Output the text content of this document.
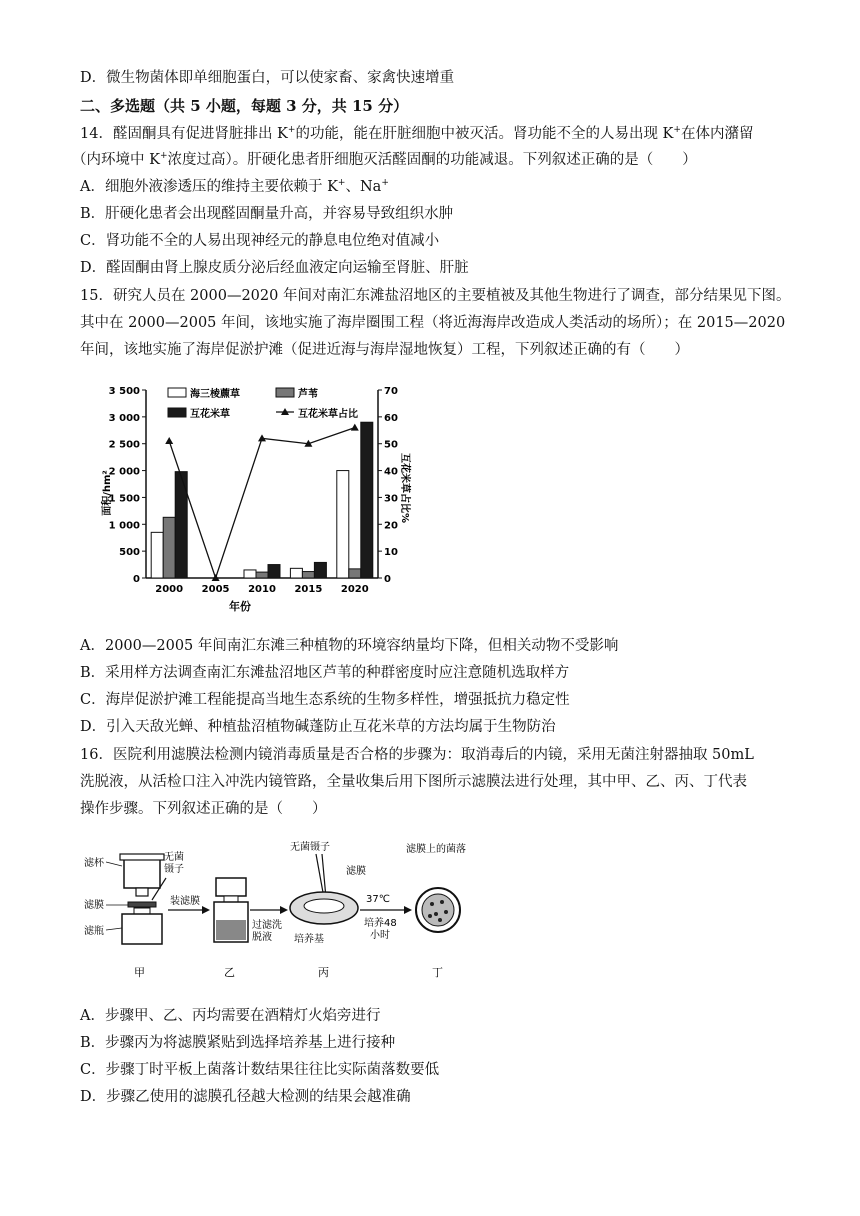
D．微生物菌体即单细胞蛋白，可以使家畜、家禽快速增重
二、多选题（共 5 小题，每题 3 分，共 15 分）
14．醛固酮具有促进肾脏排出 K+的功能，能在肝脏细胞中被灭活。肾功能不全的人易出现 K+在体内潴留
（内环境中 K+浓度过高）。肝硬化患者肝细胞灭活醛固酮的功能减退。下列叙述正确的是（　　）
A．细胞外液渗透压的维持主要依赖于 K+、Na+
B．肝硬化患者会出现醛固酮量升高，并容易导致组织水肿
C．肾功能不全的人易出现神经元的静息电位绝对值减小
D．醛固酮由肾上腺皮质分泌后经血液定向运输至肾脏、肝脏
15．研究人员在 2000—2020 年间对南汇东滩盐沼地区的主要植被及其他生物进行了调查，部分结果见下图。
其中在 2000—2005 年间，该地实施了海岸圈围工程（将近海海岸改造成人类活动的场所）；在 2015—2020
年间，该地实施了海岸促淤护滩（促进近海与海岸湿地恢复）工程，下列叙述正确的有（　　）
0
500
1 000
1 500
2 000
2 500
3 000
3 500
0
10
20
30
40
50
60
70
面积/hm²	互花米草占比%
年份
2000 2005 2010 2015 2020
海三棱藨草	芦苇
互花米草	互花米草占比
A．2000—2005 年间南汇东滩三种植物的环境容纳量均下降，但相关动物不受影响
B．采用样方法调查南汇东滩盐沼地区芦苇的种群密度时应注意随机选取样方
C．海岸促淤护滩工程能提高当地生态系统的生物多样性，增强抵抗力稳定性
D．引入天敌光蝉、种植盐沼植物碱蓬防止互花米草的方法均属于生物防治
16．医院利用滤膜法检测内镜消毒质量是否合格的步骤为：取消毒后的内镜，采用无菌注射器抽取 50mL
洗脱液，从活检口注入冲洗内镜管路，全量收集后用下图所示滤膜法进行处理，其中甲、乙、丙、丁代表
操作步骤。下列叙述正确的是（　　）
滤杯
滤膜
滤瓶
无菌
镊子
装滤膜
过滤洗
脱液
无菌镊子
滤膜
培养基
37℃
培养48
小时
滤膜上的菌落
甲	乙	丙	丁
A．步骤甲、乙、丙均需要在酒精灯火焰旁进行
B．步骤丙为将滤膜紧贴到选择培养基上进行接种
C．步骤丁时平板上菌落计数结果往往比实际菌落数要低
D．步骤乙使用的滤膜孔径越大检测的结果会越准确
